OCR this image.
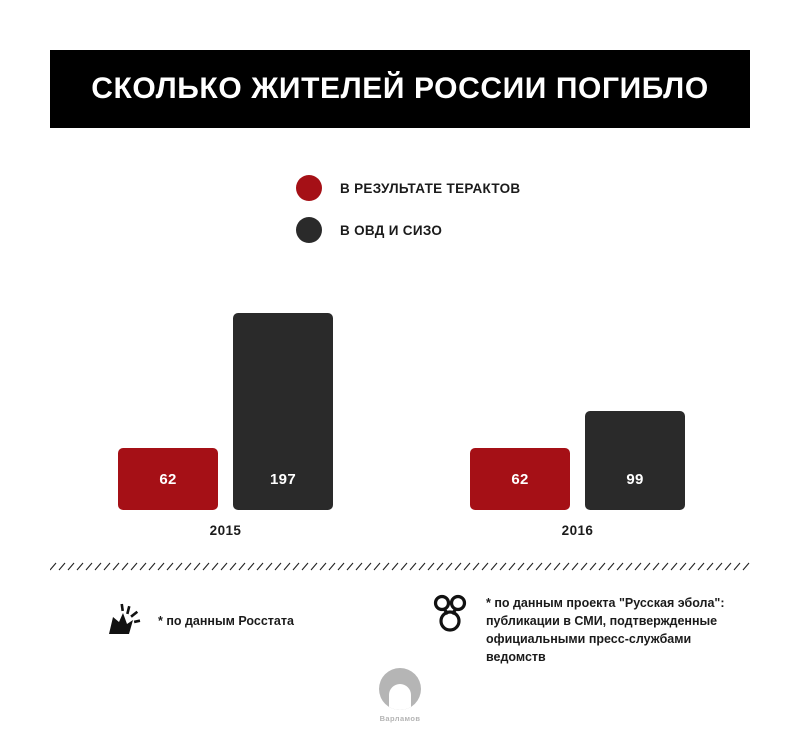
СКОЛЬКО ЖИТЕЛЕЙ РОССИИ ПОГИБЛО
В РЕЗУЛЬТАТЕ ТЕРАКТОВ
В ОВД И СИЗО
62	197	62	99
2015	2016
* по данным Росстата
* по данным проекта "Русская эбола": публикации в СМИ, подтвержденные официальными пресс-службами ведомств
Варламов
